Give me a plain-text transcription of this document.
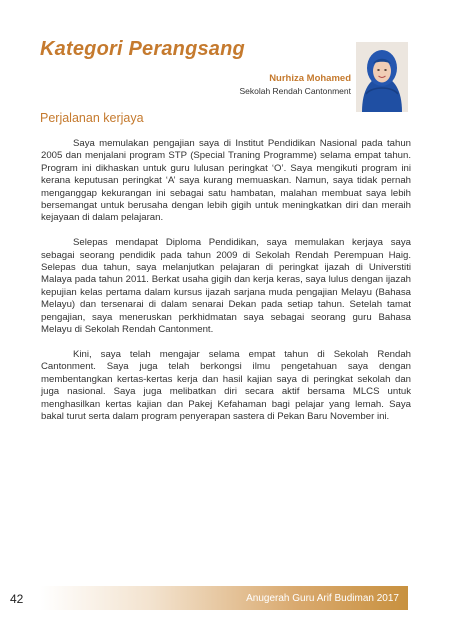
Kategori Perangsang
Nurhiza Mohamed
Sekolah Rendah Cantonment
Perjalanan kerjaya

Saya memulakan pengajian saya di Institut Pendidikan Nasional pada tahun 2005 dan menjalani program STP (Special Traning Programme) selama empat tahun. Program ini dikhaskan untuk guru lulusan peringkat ‘O’. Saya mengikuti program ini kerana keputusan peringkat ‘A’ saya kurang memuaskan. Namun, saya tidak pernah menganggap kekurangan ini sebagai satu hambatan, malahan membuat saya lebih bersemangat untuk berusaha dengan lebih gigih untuk meningkatkan diri dan meraih kejayaan di dalam pelajaran.

Selepas mendapat Diploma Pendidikan, saya memulakan kerjaya saya sebagai seorang pendidik pada tahun 2009 di Sekolah Rendah Perempuan Haig. Selepas dua tahun, saya melanjutkan pelajaran di peringkat ijazah di Universtiti Malaya pada tahun 2011. Berkat usaha gigih dan kerja keras, saya lulus dengan ijazah kepujian kelas pertama dalam kursus ijazah sarjana muda pengajian Melayu (Bahasa Melayu) dan tersenarai di dalam senarai Dekan pada setiap tahun. Setelah tamat pengajian, saya meneruskan perkhidmatan saya sebagai seorang guru Bahasa Melayu di Sekolah Rendah Cantonment.

Kini, saya telah mengajar selama empat tahun di Sekolah Rendah Cantonment. Saya juga telah berkongsi ilmu pengetahuan saya dengan membentangkan kertas-kertas kerja dan hasil kajian saya di peringkat sekolah dan juga nasional. Saya juga melibatkan diri secara aktif bersama MLCS untuk menghasilkan kertas kajian dan Pakej Kefahaman bagi pelajar yang lemah. Saya bakal turut serta dalam program penyerapan sastera di Pekan Baru November ini.

42	Anugerah Guru Arif Budiman 2017
